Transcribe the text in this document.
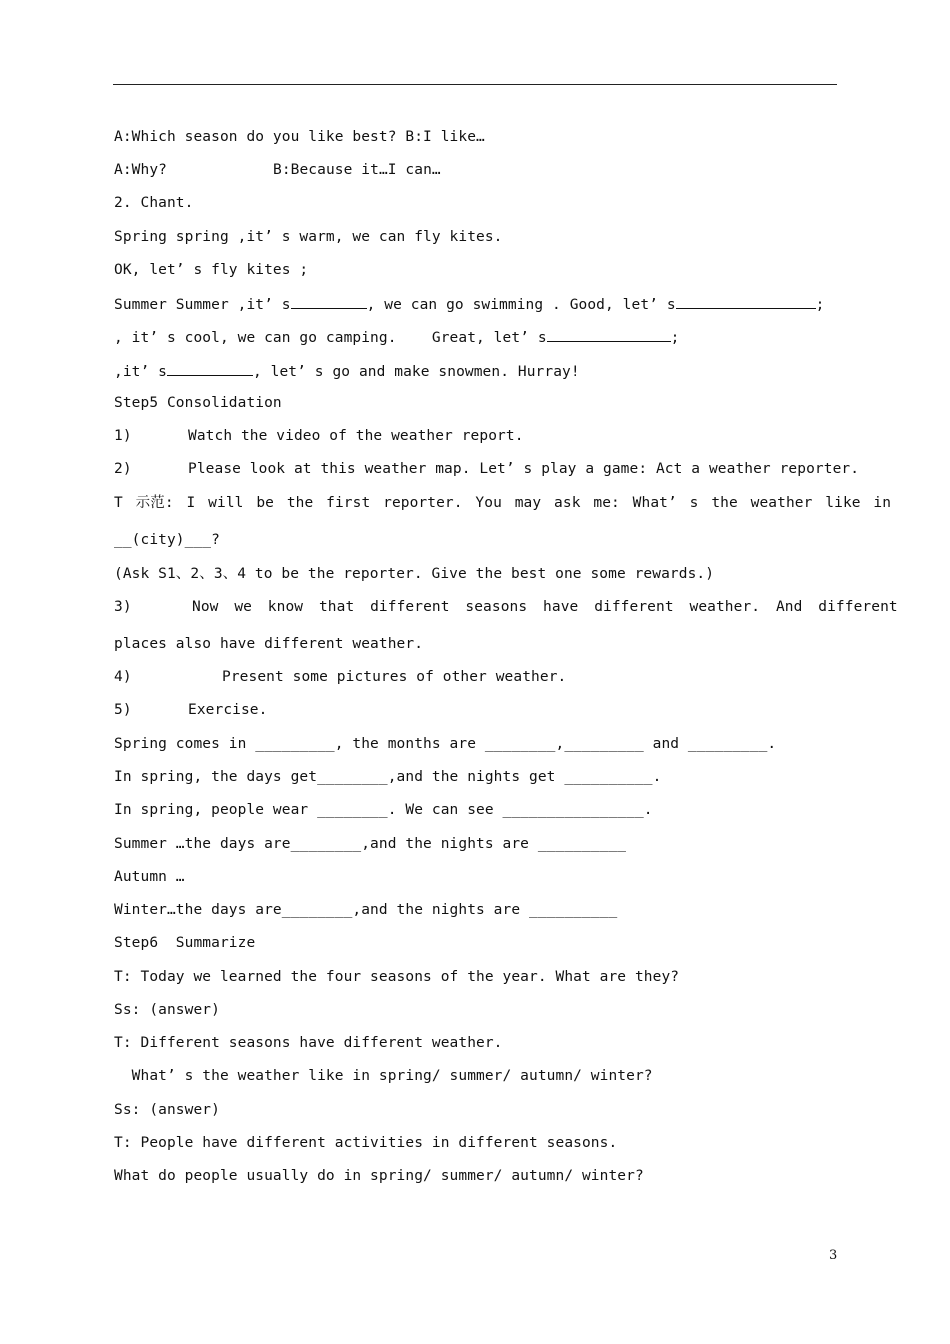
A:Which season do you like best? B:I like…
A:Why?	B:Because it…I can…
2. Chant.
Spring spring ,it’ s warm, we can fly kites.
OK, let’ s fly kites ;
Summer Summer ,it’ s	, we can go swimming . Good, let’ s	;
, it’ s cool, we can go camping.    Great, let’ s	;
,it’ s	, let’ s go and make snowmen. Hurray!
Step5 Consolidation
1)	Watch the video of the weather report.
2)	Please look at this weather map. Let’ s play a game: Act a weather reporter.
T 示范: I will be the first reporter. You may ask me: What’ s the weather like in
__(city)___?
(Ask S1、2、3、4 to be the reporter. Give the best one some rewards.)
3)	Now we know that different seasons have different weather. And different
places also have different weather.
4)	Present some pictures of other weather.
5)	Exercise.
Spring comes in _________, the months are ________,_________ and _________.
In spring, the days get________,and the nights get __________.
In spring, people wear ________. We can see ________________.
Summer …the days are________,and the nights are __________
Autumn …
Winter…the days are________,and the nights are __________
Step6  Summarize
T: Today we learned the four seasons of the year. What are they?
Ss: (answer)
T: Different seasons have different weather.
What’ s the weather like in spring/ summer/ autumn/ winter?
Ss: (answer)
T: People have different activities in different seasons.
What do people usually do in spring/ summer/ autumn/ winter?
3
